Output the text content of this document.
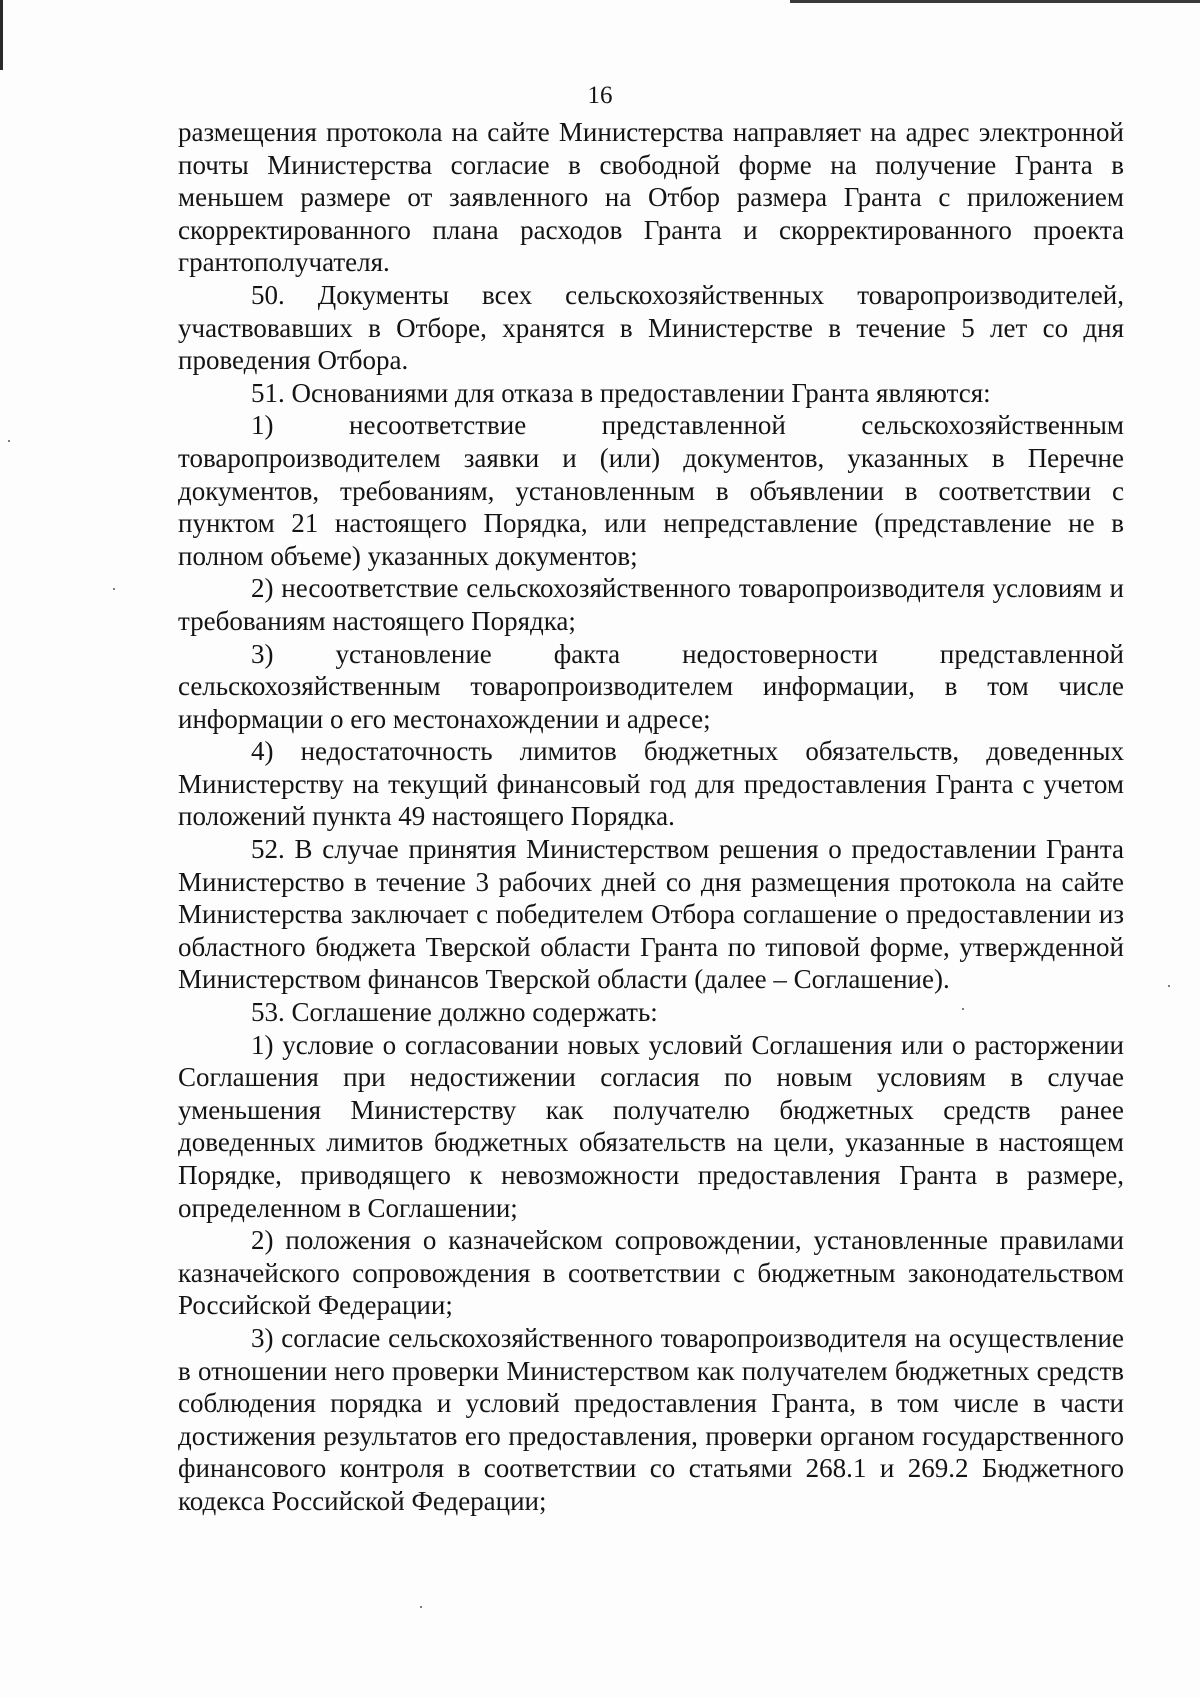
16

размещения протокола на сайте Министерства направляет на адрес электронной почты Министерства согласие в свободной форме на получение Гранта в меньшем размере от заявленного на Отбор размера Гранта с приложением скорректированного плана расходов Гранта и скорректированного проекта грантополучателя.

50. Документы всех сельскохозяйственных товаропроизводителей, участвовавших в Отборе, хранятся в Министерстве в течение 5 лет со дня проведения Отбора.

51. Основаниями для отказа в предоставлении Гранта являются:

1) несоответствие представленной сельскохозяйственным товаропроизводителем заявки и (или) документов, указанных в Перечне документов, требованиям, установленным в объявлении в соответствии с пунктом 21 настоящего Порядка, или непредставление (представление не в полном объеме) указанных документов;

2) несоответствие сельскохозяйственного товаропроизводителя условиям и требованиям настоящего Порядка;

3) установление факта недостоверности представленной сельскохозяйственным товаропроизводителем информации, в том числе информации о его местонахождении и адресе;

4) недостаточность лимитов бюджетных обязательств, доведенных Министерству на текущий финансовый год для предоставления Гранта с учетом положений пункта 49 настоящего Порядка.

52. В случае принятия Министерством решения о предоставлении Гранта Министерство в течение 3 рабочих дней со дня размещения протокола на сайте Министерства заключает с победителем Отбора соглашение о предоставлении из областного бюджета Тверской области Гранта по типовой форме, утвержденной Министерством финансов Тверской области (далее – Соглашение).

53. Соглашение должно содержать:

1) условие о согласовании новых условий Соглашения или о расторжении Соглашения при недостижении согласия по новым условиям в случае уменьшения Министерству как получателю бюджетных средств ранее доведенных лимитов бюджетных обязательств на цели, указанные в настоящем Порядке, приводящего к невозможности предоставления Гранта в размере, определенном в Соглашении;

2) положения о казначейском сопровождении, установленные правилами казначейского сопровождения в соответствии с бюджетным законодательством Российской Федерации;

3) согласие сельскохозяйственного товаропроизводителя на осуществление в отношении него проверки Министерством как получателем бюджетных средств соблюдения порядка и условий предоставления Гранта, в том числе в части достижения результатов его предоставления, проверки органом государственного финансового контроля в соответствии со статьями 268.1 и 269.2 Бюджетного кодекса Российской Федерации;
